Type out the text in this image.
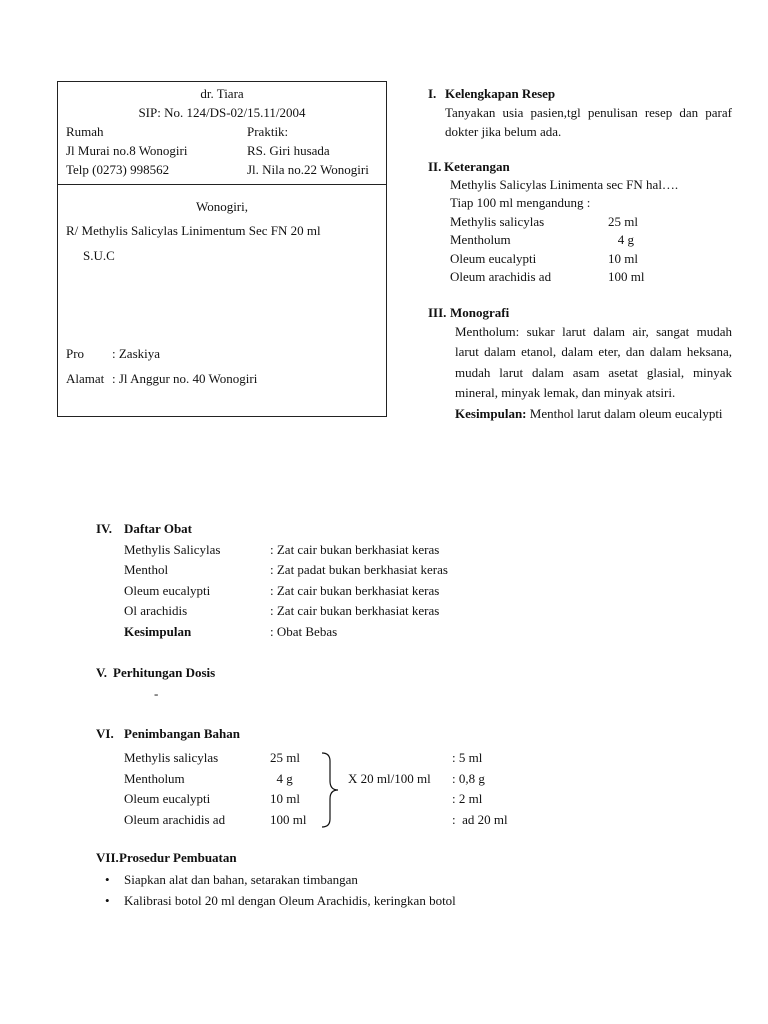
dr. Tiara
SIP: No. 124/DS-02/15.11/2004
Rumah	Praktik:
Jl Murai no.8 Wonogiri	RS. Giri husada
Telp (0273) 998562	Jl. Nila no.22 Wonogiri
Wonogiri,
R/ Methylis Salicylas Linimentum Sec FN 20 ml
S.U.C
Pro : Zaskiya
Alamat : Jl Anggur no. 40 Wonogiri
I. Kelengkapan Resep
Tanyakan usia pasien,tgl penulisan resep dan paraf dokter jika belum ada.
II. Keterangan
Methylis Salicylas Linimenta sec FN hal….
Tiap 100 ml mengandung :
Methylis salicylas	25 ml
Mentholum	4 g
Oleum eucalypti	10 ml
Oleum arachidis ad	100 ml
III. Monografi
Mentholum: sukar larut dalam air, sangat mudah larut dalam etanol, dalam eter, dan dalam heksana, mudah larut dalam asam asetat glasial, minyak mineral, minyak lemak, dan minyak atsiri.
Kesimpulan: Menthol larut dalam oleum eucalypti
IV. Daftar Obat
Methylis Salicylas	: Zat cair bukan berkhasiat keras
Menthol	: Zat padat bukan berkhasiat keras
Oleum eucalypti	: Zat cair bukan berkhasiat keras
Ol arachidis	: Zat cair bukan berkhasiat keras
Kesimpulan	: Obat Bebas
V. Perhitungan Dosis
-
VI. Penimbangan Bahan
Methylis salicylas	25 ml	: 5 ml
Mentholum	4 g	X 20 ml/100 ml : 0,8 g
Oleum eucalypti	10 ml	: 2 ml
Oleum arachidis ad	100 ml	:  ad 20 ml
VII. Prosedur Pembuatan
• Siapkan alat dan bahan, setarakan timbangan
• Kalibrasi botol 20 ml dengan Oleum Arachidis, keringkan botol
